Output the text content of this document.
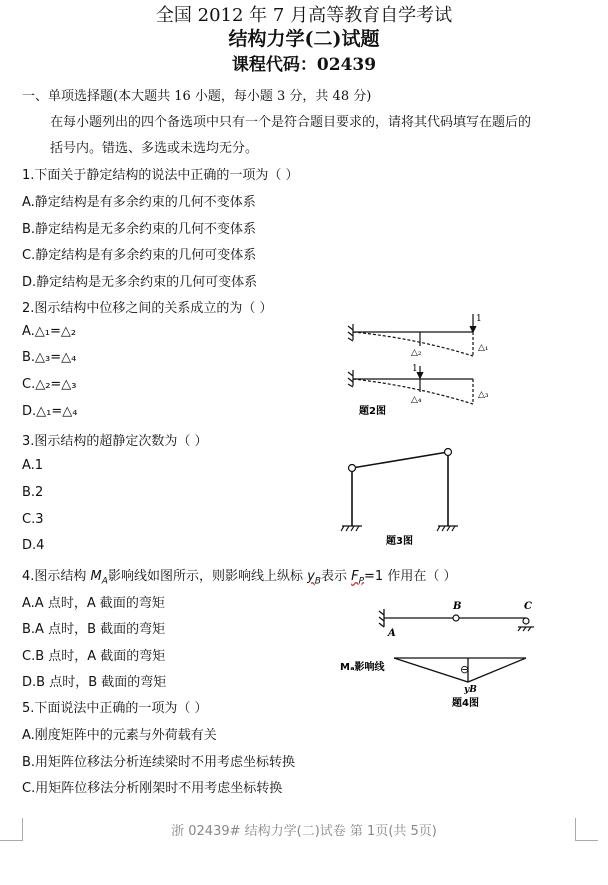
全国 2012 年 7 月高等教育自学考试
结构力学(二)试题
课程代码：02439
一、单项选择题(本大题共 16 小题，每小题 3 分，共 48 分)
在每小题列出的四个备选项中只有一个是符合题目要求的，请将其代码填写在题后的
括号内。错选、多选或未选均无分。
1.下面关于静定结构的说法中正确的一项为（ ）
A.静定结构是有多余约束的几何不变体系
B.静定结构是无多余约束的几何不变体系
C.静定结构是有多余约束的几何可变体系
D.静定结构是无多余约束的几何可变体系
2.图示结构中位移之间的关系成立的为（ ）
A.△₁=△₂
B.△₃=△₄
C.△₂=△₃
D.△₁=△₄
1
△₂	△₁
1
△₄	△₃
题2图
3.图示结构的超静定次数为（ ）
A.1
B.2
C.3
D.4	题3图
4.图示结构 $M_A$影响线如图所示，则影响线上纵标 $y_B$表示 $F_P=1$ 作用在（ ）
A.A 点时，A 截面的弯矩
B.A 点时，B 截面的弯矩
C.B 点时，A 截面的弯矩
D.B 点时，B 截面的弯矩
A
B	C
Mₐ影响线	⊖
yB
题4图
5.下面说法中正确的一项为（ ）
A.刚度矩阵中的元素与外荷载有关
B.用矩阵位移法分析连续梁时不用考虑坐标转换
C.用矩阵位移法分析刚架时不用考虑坐标转换
浙 02439# 结构力学(二)试卷 第 1页(共 5页)
